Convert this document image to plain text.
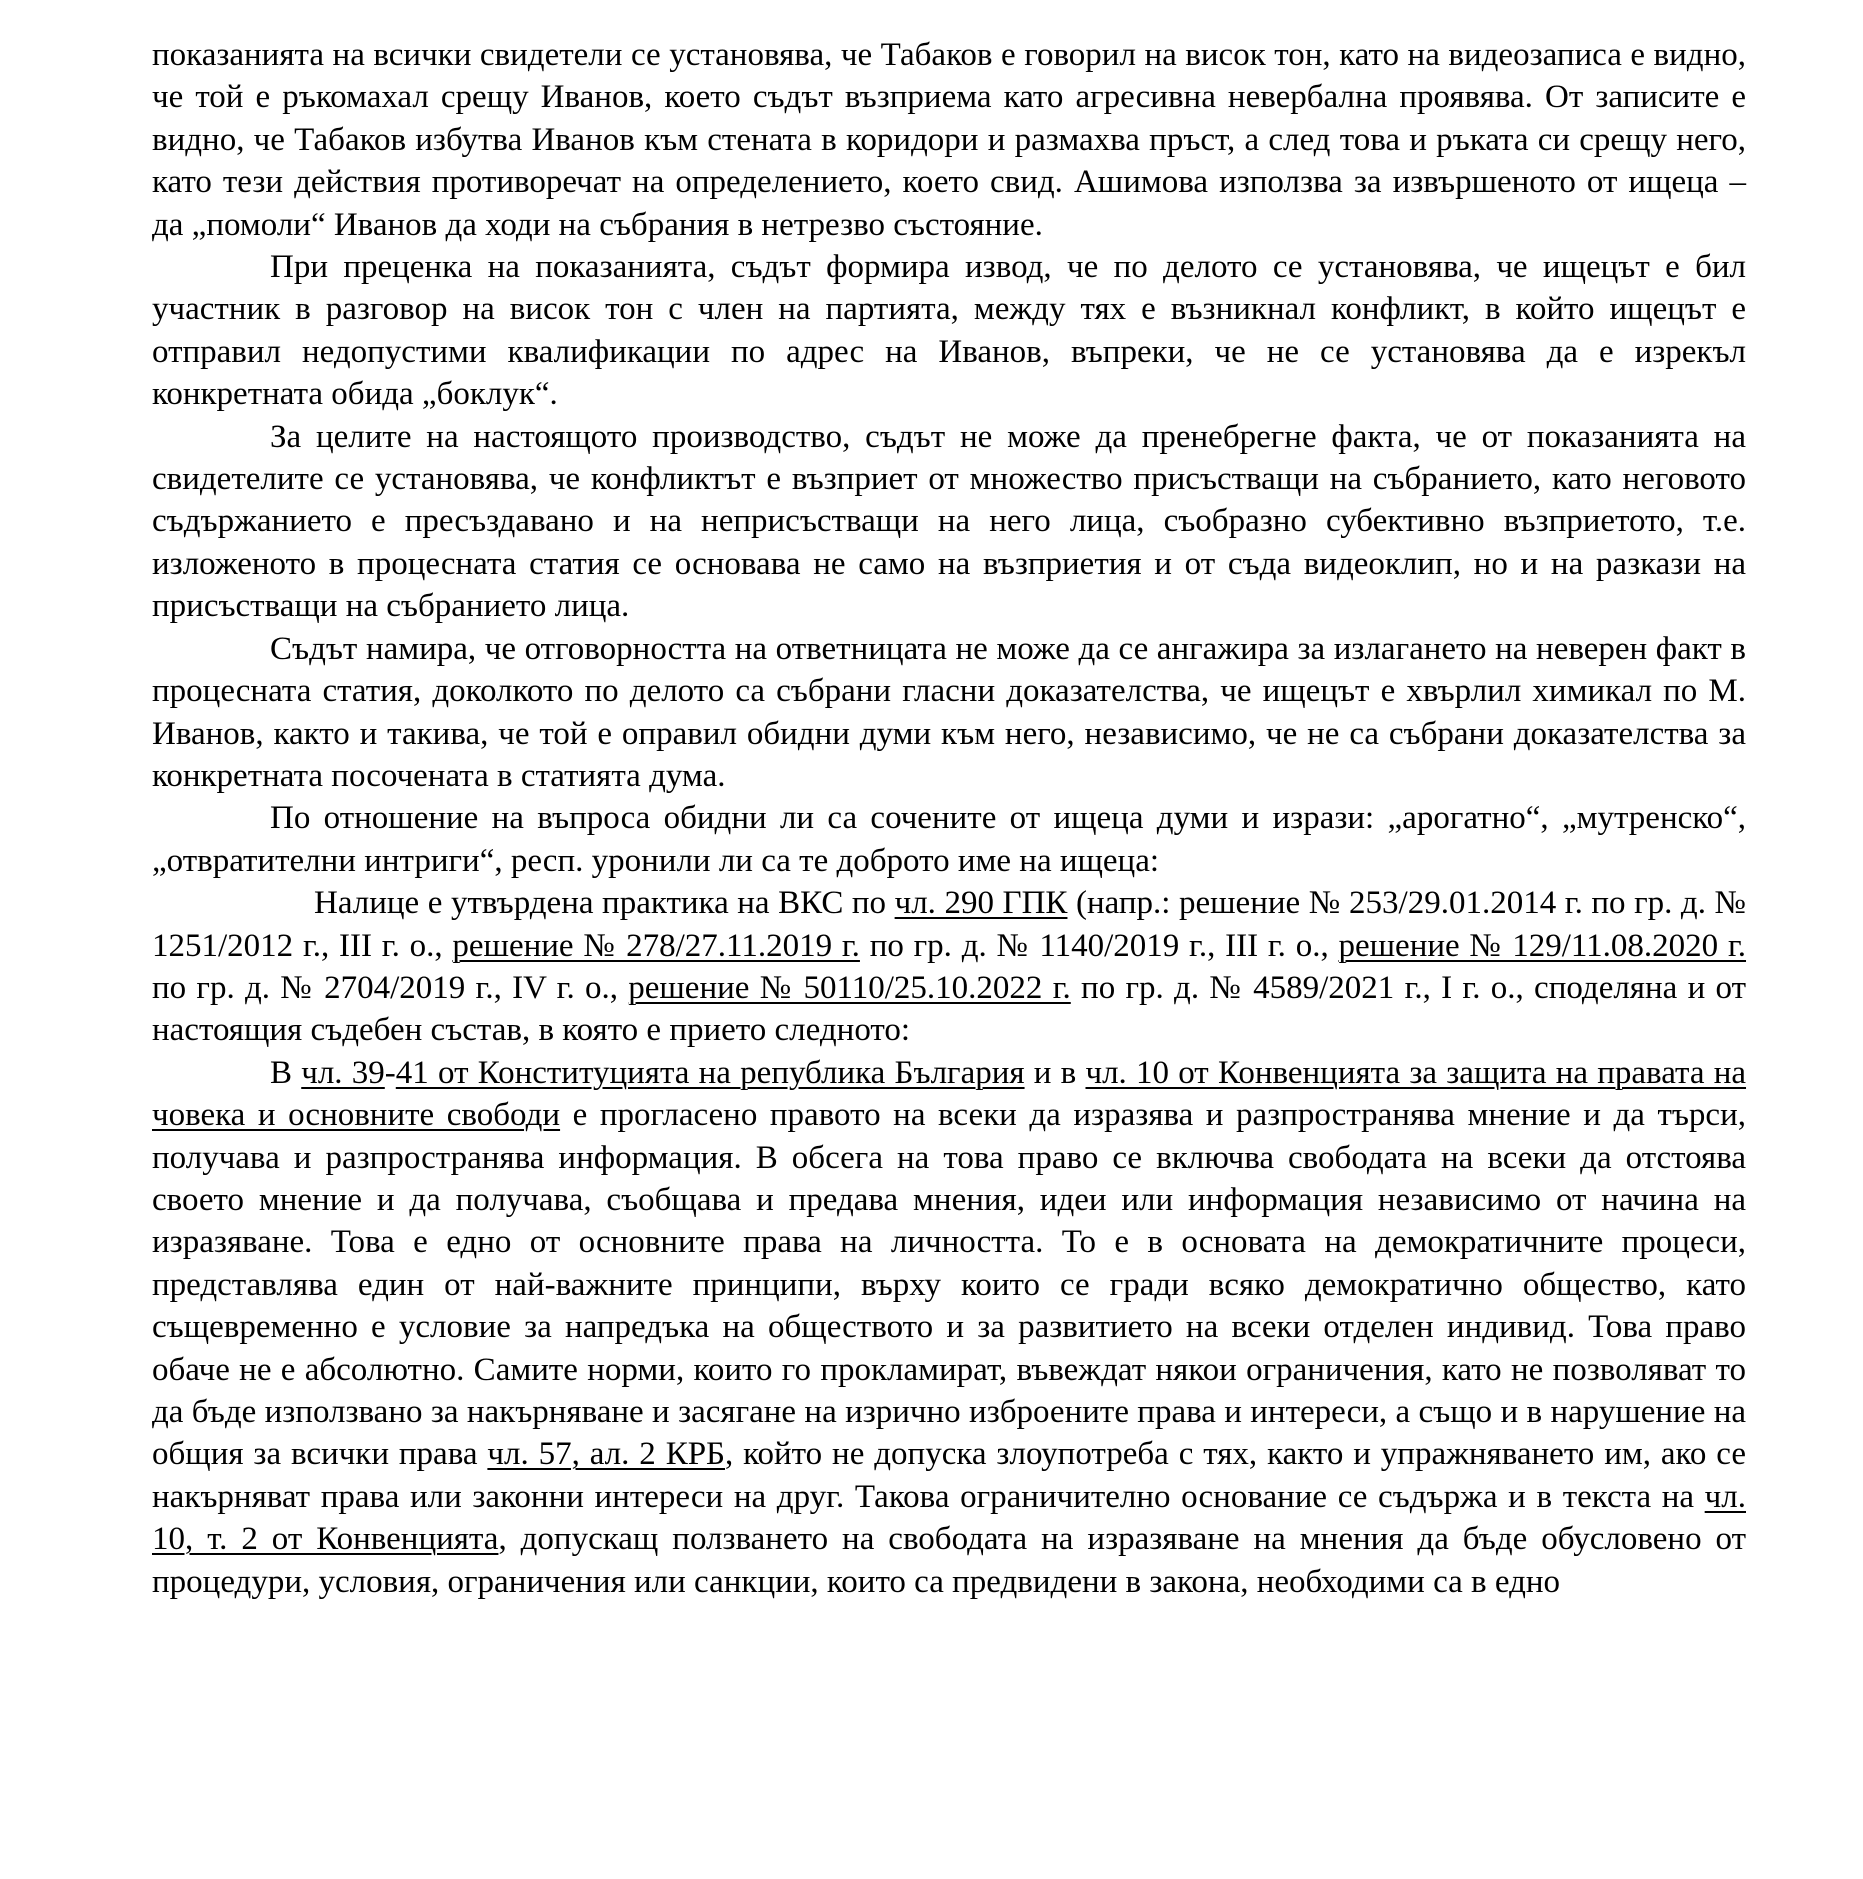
показанията на всички свидетели се установява, че Табаков е говорил на висок тон, като на видеозаписа е видно, че той е ръкомахал срещу Иванов, което съдът възприема като агресивна невербална проявява. От записите е видно, че Табаков избутва Иванов към стената в коридори и размахва пръст, а след това и ръката си срещу него, като тези действия противоречат на определението, което свид. Ашимова използва за извършеното от ищеца – да „помоли“ Иванов да ходи на събрания в нетрезво състояние.

При преценка на показанията, съдът формира извод, че по делото се установява, че ищецът е бил участник в разговор на висок тон с член на партията, между тях е възникнал конфликт, в който ищецът е отправил недопустими квалификации по адрес на Иванов, въпреки, че не се установява да е изрекъл конкретната обида „боклук“.

За целите на настоящото производство, съдът не може да пренебрегне факта, че от показанията на свидетелите се установява, че конфликтът е възприет от множество присъстващи на събранието, като неговото съдържанието е пресъздавано и на неприсъстващи на него лица, съобразно субективно възприетото, т.е. изложеното в процесната статия се основава не само на възприетия и от съда видеоклип, но и на разкази на присъстващи на събранието лица.

Съдът намира, че отговорността на ответницата не може да се ангажира за излагането на неверен факт в процесната статия, доколкото по делото са събрани гласни доказателства, че ищецът е хвърлил химикал по М. Иванов, както и такива, че той е оправил обидни думи към него, независимо, че не са събрани доказателства за конкретната посочената в статията дума.

По отношение на въпроса обидни ли са сочените от ищеца думи и изрази: „арогатно“, „мутренско“, „отвратителни интриги“, респ. уронили ли са те доброто име на ищеца:

Налице е утвърдена практика на ВКС по чл. 290 ГПК (напр.: решение № 253/29.01.2014 г. по гр. д. № 1251/2012 г., III г. о., решение № 278/27.11.2019 г. по гр. д. № 1140/2019 г., III г. о., решение № 129/11.08.2020 г. по гр. д. № 2704/2019 г., IV г. о., решение № 50110/25.10.2022 г. по гр. д. № 4589/2021 г., I г. о., споделяна и от настоящия съдебен състав, в която е прието следното:

В чл. 39-41 от Конституцията на република България и в чл. 10 от Конвенцията за защита на правата на човека и основните свободи е прогласено правото на всеки да изразява и разпространява мнение и да търси, получава и разпространява информация. В обсега на това право се включва свободата на всеки да отстоява своето мнение и да получава, съобщава и предава мнения, идеи или информация независимо от начина на изразяване. Това е едно от основните права на личността. То е в основата на демократичните процеси, представлява един от най-важните принципи, върху които се гради всяко демократично общество, като същевременно е условие за напредъка на обществото и за развитието на всеки отделен индивид. Това право обаче не е абсолютно. Самите норми, които го прокламират, въвеждат някои ограничения, като не позволяват то да бъде използвано за накърняване и засягане на изрично изброените права и интереси, а също и в нарушение на общия за всички права чл. 57, ал. 2 КРБ, който не допуска злоупотреба с тях, както и упражняването им, ако се накърняват права или законни интереси на друг. Такова ограничително основание се съдържа и в текста на чл. 10, т. 2 от Конвенцията, допускащ ползването на свободата на изразяване на мнения да бъде обусловено от процедури, условия, ограничения или санкции, които са предвидени в закона, необходими са в едно
